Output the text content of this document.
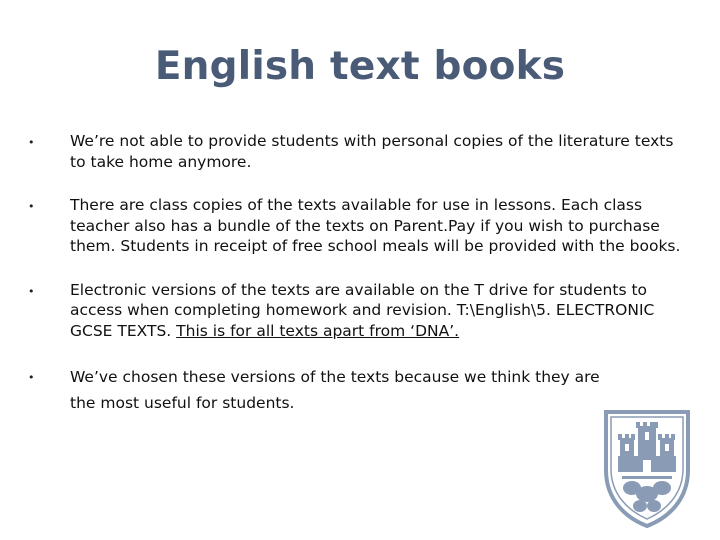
English text books
•	We’re not able to provide students with personal copies of the literature texts to take home anymore.
•	There are class copies of the texts available for use in lessons. Each class teacher also has a bundle of the texts on Parent.Pay if you wish to purchase them. Students in receipt of free school meals will be provided with the books.
•	Electronic versions of the texts are available on the T drive for students to access when completing homework and revision. T:\English\5. ELECTRONIC GCSE TEXTS. This is for all texts apart from ‘DNA’.
•	We’ve chosen these versions of the texts because we think they are the most useful for students.
